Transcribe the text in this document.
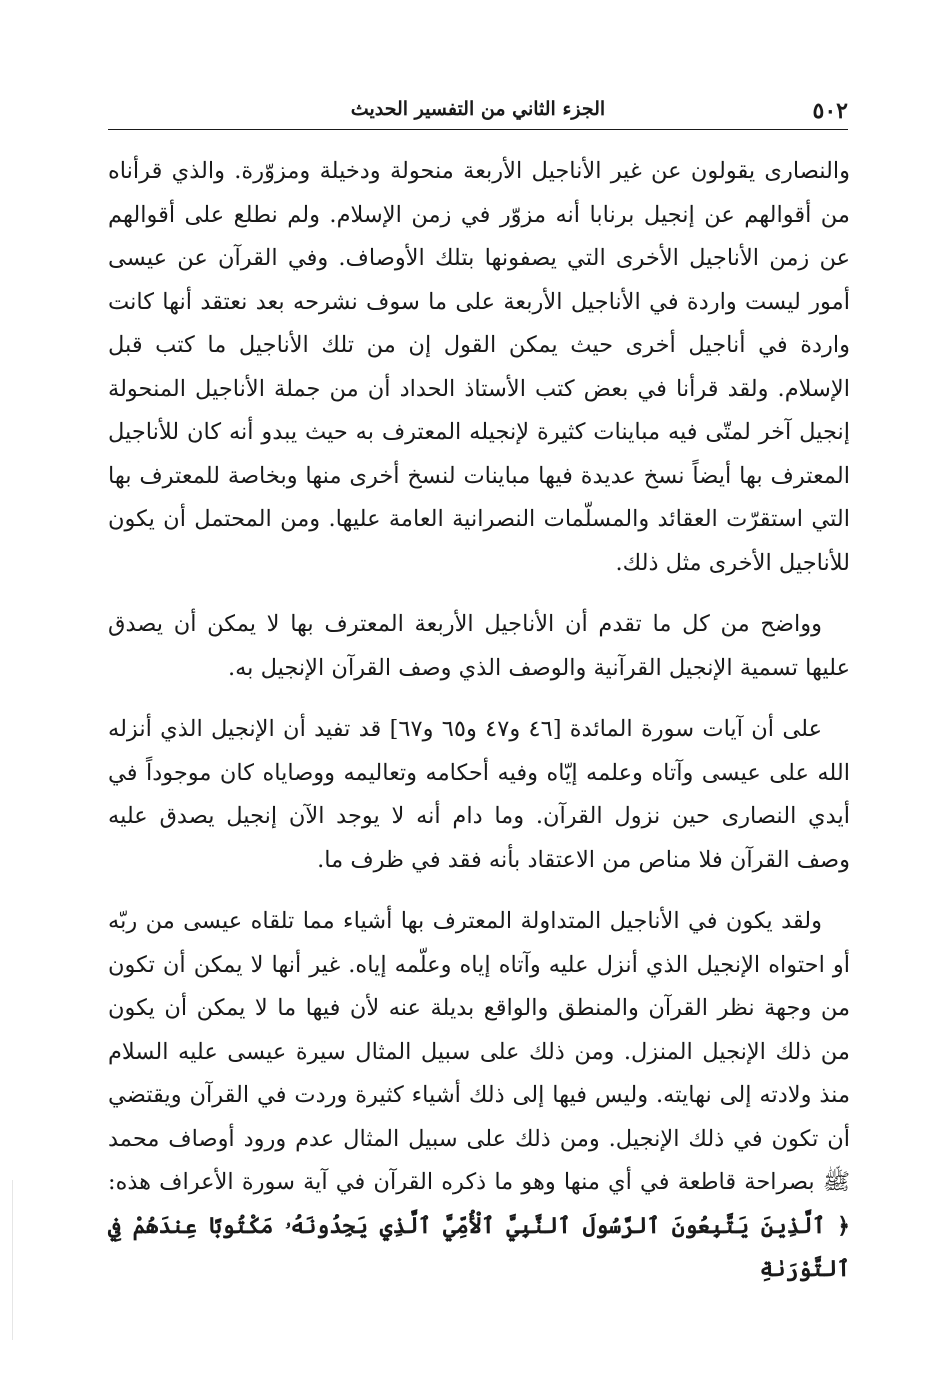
٥٠٢
الجزء الثاني من التفسير الحديث

والنصارى يقولون عن غير الأناجيل الأربعة منحولة ودخيلة ومزوّرة. والذي قرأناه من أقوالهم عن إنجيل برنابا أنه مزوّر في زمن الإسلام. ولم نطلع على أقوالهم عن زمن الأناجيل الأخرى التي يصفونها بتلك الأوصاف. وفي القرآن عن عيسى أمور ليست واردة في الأناجيل الأربعة على ما سوف نشرحه بعد نعتقد أنها كانت واردة في أناجيل أخرى حيث يمكن القول إن من تلك الأناجيل ما كتب قبل الإسلام. ولقد قرأنا في بعض كتب الأستاذ الحداد أن من جملة الأناجيل المنحولة إنجيل آخر لمتّى فيه مباينات كثيرة لإنجيله المعترف به حيث يبدو أنه كان للأناجيل المعترف بها أيضاً نسخ عديدة فيها مباينات لنسخ أخرى منها وبخاصة للمعترف بها التي استقرّت العقائد والمسلّمات النصرانية العامة عليها. ومن المحتمل أن يكون للأناجيل الأخرى مثل ذلك.

وواضح من كل ما تقدم أن الأناجيل الأربعة المعترف بها لا يمكن أن يصدق عليها تسمية الإنجيل القرآنية والوصف الذي وصف القرآن الإنجيل به.

على أن آيات سورة المائدة [٤٦ و٤٧ و٦٥ و٦٧] قد تفيد أن الإنجيل الذي أنزله الله على عيسى وآتاه وعلمه إيّاه وفيه أحكامه وتعاليمه ووصاياه كان موجوداً في أيدي النصارى حين نزول القرآن. وما دام أنه لا يوجد الآن إنجيل يصدق عليه وصف القرآن فلا مناص من الاعتقاد بأنه فقد في ظرف ما.

ولقد يكون في الأناجيل المتداولة المعترف بها أشياء مما تلقاه عيسى من ربّه أو احتواه الإنجيل الذي أنزل عليه وآتاه إياه وعلّمه إياه. غير أنها لا يمكن أن تكون من وجهة نظر القرآن والمنطق والواقع بديلة عنه لأن فيها ما لا يمكن أن يكون من ذلك الإنجيل المنزل. ومن ذلك على سبيل المثال سيرة عيسى عليه السلام منذ ولادته إلى نهايته. وليس فيها إلى ذلك أشياء كثيرة وردت في القرآن ويقتضي أن تكون في ذلك الإنجيل. ومن ذلك على سبيل المثال عدم ورود أوصاف محمد ﷺ بصراحة قاطعة في أي منها وهو ما ذكره القرآن في آية سورة الأعراف هذه: ﴿ ٱلَّذِينَ يَتَّبِعُونَ ٱلرَّسُولَ ٱلنَّبِيَّ ٱلْأُمِّيَّ ٱلَّذِي يَجِدُونَهُۥ مَكْتُوبًا عِندَهُمْ فِي ٱلتَّوْرَىٰةِ
